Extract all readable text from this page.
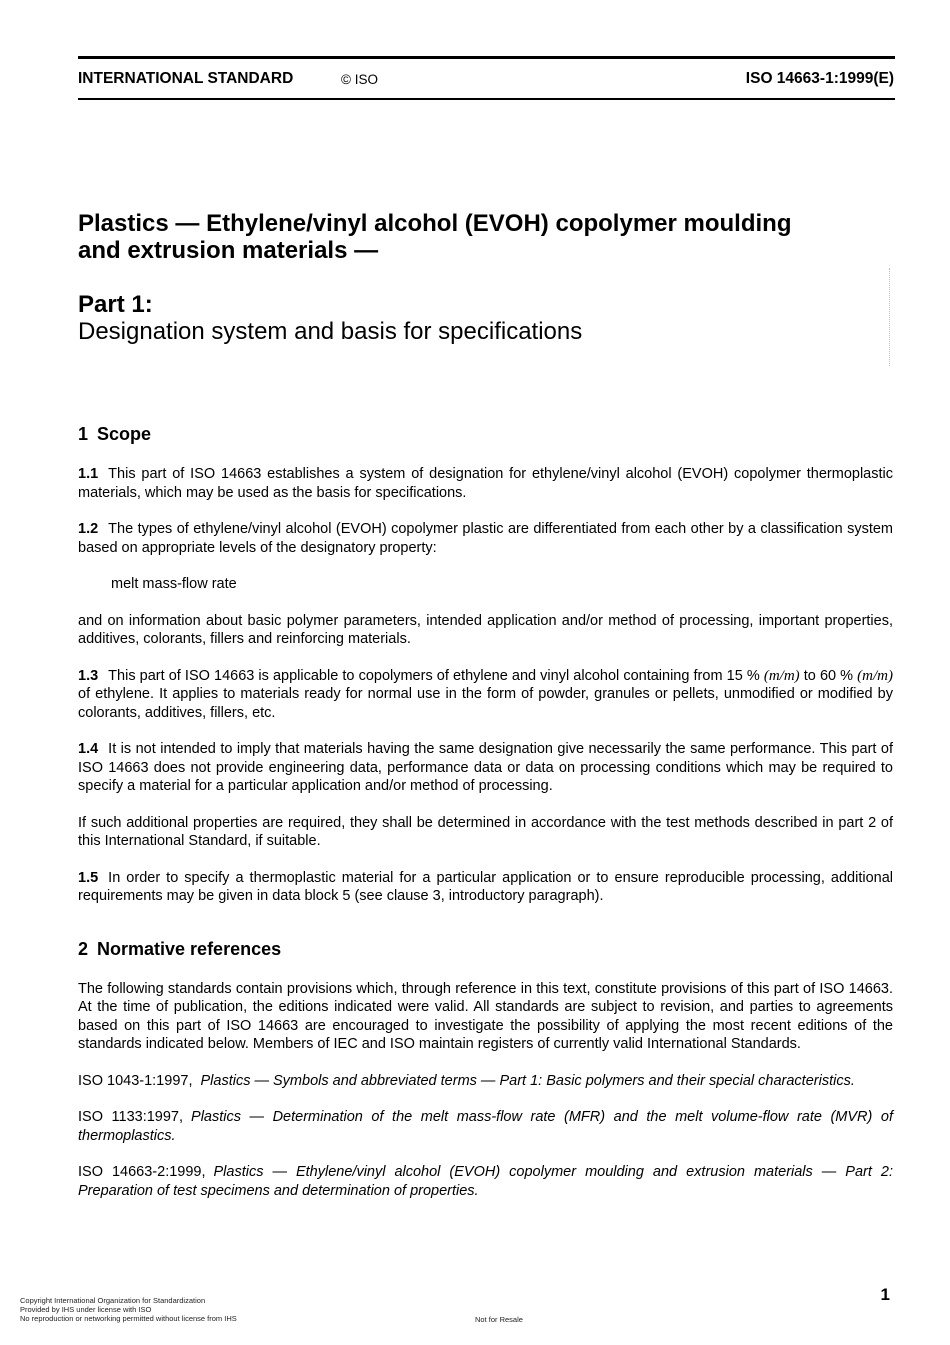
INTERNATIONAL STANDARD	© ISO	ISO 14663-1:1999(E)
Plastics — Ethylene/vinyl alcohol (EVOH) copolymer moulding
and extrusion materials —
Part 1:
Designation system and basis for specifications
1 Scope

1.1 This part of ISO 14663 establishes a system of designation for ethylene/vinyl alcohol (EVOH) copolymer thermoplastic materials, which may be used as the basis for specifications.

1.2 The types of ethylene/vinyl alcohol (EVOH) copolymer plastic are differentiated from each other by a classification system based on appropriate levels of the designatory property:

melt mass-flow rate

and on information about basic polymer parameters, intended application and/or method of processing, important properties, additives, colorants, fillers and reinforcing materials.

1.3 This part of ISO 14663 is applicable to copolymers of ethylene and vinyl alcohol containing from 15 % (m/m) to 60 % (m/m) of ethylene. It applies to materials ready for normal use in the form of powder, granules or pellets, unmodified or modified by colorants, additives, fillers, etc.

1.4 It is not intended to imply that materials having the same designation give necessarily the same performance. This part of ISO 14663 does not provide engineering data, performance data or data on processing conditions which may be required to specify a material for a particular application and/or method of processing.

If such additional properties are required, they shall be determined in accordance with the test methods described in part 2 of this International Standard, if suitable.

1.5 In order to specify a thermoplastic material for a particular application or to ensure reproducible processing, additional requirements may be given in data block 5 (see clause 3, introductory paragraph).

2 Normative references

The following standards contain provisions which, through reference in this text, constitute provisions of this part of ISO 14663. At the time of publication, the editions indicated were valid. All standards are subject to revision, and parties to agreements based on this part of ISO 14663 are encouraged to investigate the possibility of applying the most recent editions of the standards indicated below. Members of IEC and ISO maintain registers of currently valid International Standards.

ISO 1043-1:1997, Plastics — Symbols and abbreviated terms — Part 1: Basic polymers and their special characteristics.

ISO 1133:1997, Plastics — Determination of the melt mass-flow rate (MFR) and the melt volume-flow rate (MVR) of thermoplastics.

ISO 14663-2:1999, Plastics — Ethylene/vinyl alcohol (EVOH) copolymer moulding and extrusion materials — Part 2: Preparation of test specimens and determination of properties.

1
Copyright International Organization for Standardization
Provided by IHS under license with ISO
No reproduction or networking permitted without license from IHS	Not for Resale
